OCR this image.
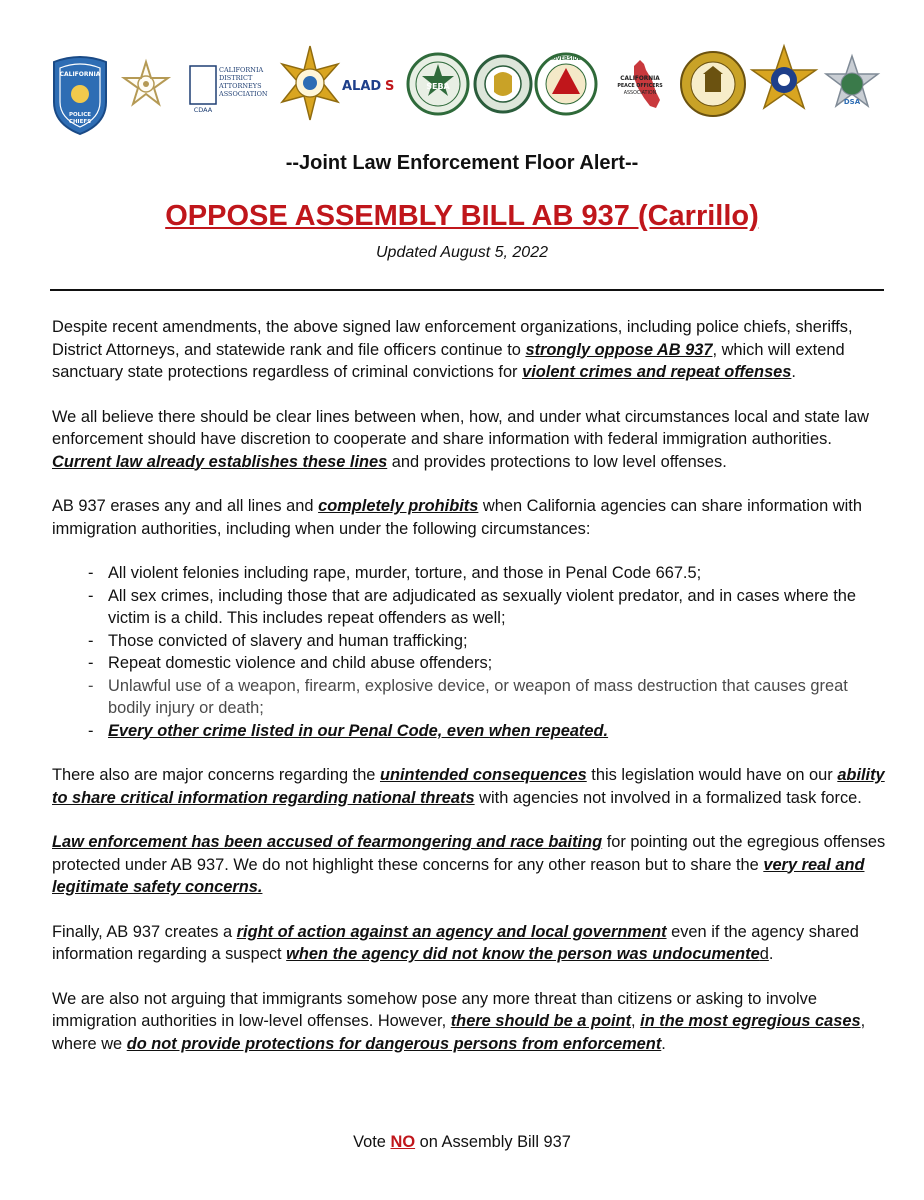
CALIFORNIA
POLICE
CHIEFS
CDAA
CALIFORNIA
DISTRICT
ATTORNEYS
ASSOCIATION	ALAD S	SEBA
RIVERSIDE
CALIFORNIA
PEACE OFFICERS
ASSOCIATION
DSA
--Joint Law Enforcement Floor Alert--
OPPOSE ASSEMBLY BILL AB 937 (Carrillo)
Updated August 5, 2022

Despite recent amendments, the above signed law enforcement organizations, including police chiefs, sheriffs, District Attorneys, and statewide rank and file officers continue to strongly oppose AB 937, which will extend sanctuary state protections regardless of criminal convictions for violent crimes and repeat offenses.

We all believe there should be clear lines between when, how, and under what circumstances local and state law enforcement should have discretion to cooperate and share information with federal immigration authorities. Current law already establishes these lines and provides protections to low level offenses.

AB 937 erases any and all lines and completely prohibits when California agencies can share information with immigration authorities, including when under the following circumstances:

- All violent felonies including rape, murder, torture, and those in Penal Code 667.5;
- All sex crimes, including those that are adjudicated as sexually violent predator, and in cases where the victim is a child. This includes repeat offenders as well;
- Those convicted of slavery and human trafficking;
- Repeat domestic violence and child abuse offenders;
- Unlawful use of a weapon, firearm, explosive device, or weapon of mass destruction that causes great bodily injury or death;
- Every other crime listed in our Penal Code, even when repeated.

There also are major concerns regarding the unintended consequences this legislation would have on our ability to share critical information regarding national threats with agencies not involved in a formalized task force.

Law enforcement has been accused of fearmongering and race baiting for pointing out the egregious offenses protected under AB 937. We do not highlight these concerns for any other reason but to share the very real and legitimate safety concerns.

Finally, AB 937 creates a right of action against an agency and local government even if the agency shared information regarding a suspect when the agency did not know the person was undocumented.

We are also not arguing that immigrants somehow pose any more threat than citizens or asking to involve immigration authorities in low-level offenses. However, there should be a point, in the most egregious cases, where we do not provide protections for dangerous persons from enforcement.

Vote NO on Assembly Bill 937
